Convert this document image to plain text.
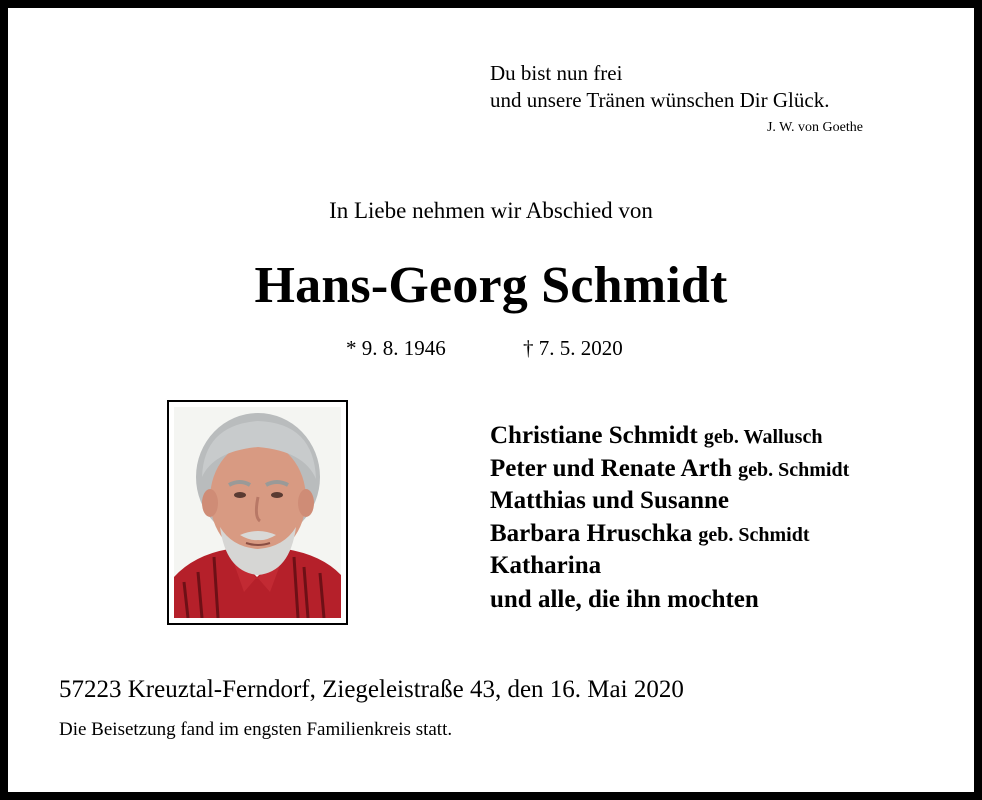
Du bist nun frei
und unsere Tränen wünschen Dir Glück.
J. W. von Goethe
In Liebe nehmen wir Abschied von
Hans-Georg Schmidt
* 9. 8. 1946	† 7. 5. 2020
Christiane Schmidt geb. Wallusch
Peter und Renate Arth geb. Schmidt
Matthias und Susanne
Barbara Hruschka geb. Schmidt
Katharina
und alle, die ihn mochten
57223 Kreuztal-Ferndorf, Ziegeleistraße 43, den 16. Mai 2020
Die Beisetzung fand im engsten Familienkreis statt.
